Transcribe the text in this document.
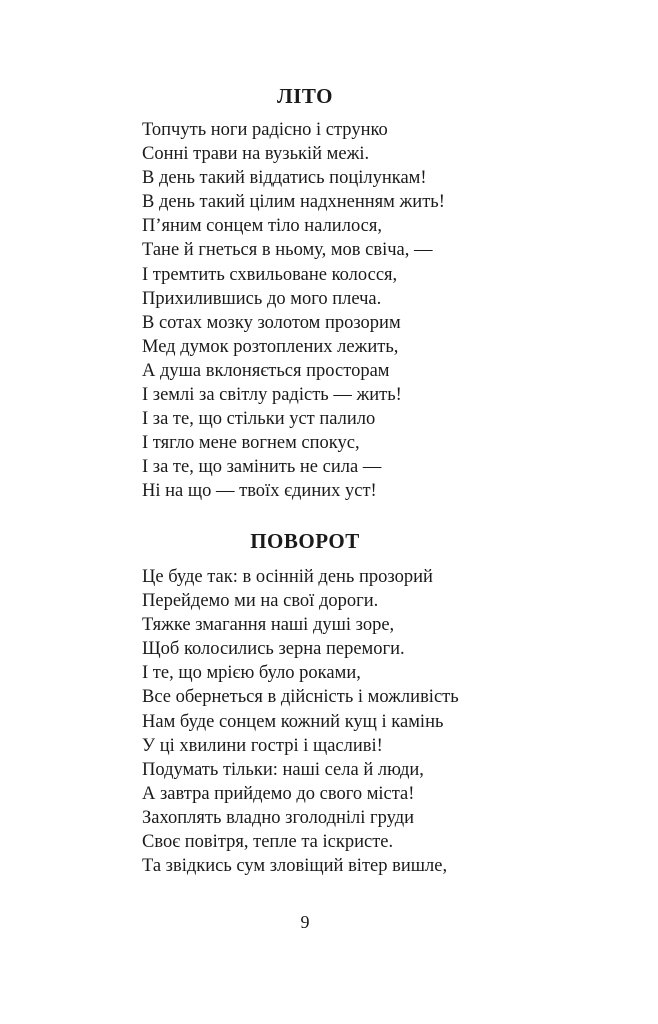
ЛІТО
Топчуть ноги радісно і струнко
Сонні трави на вузькій межі.
В день такий віддатись поцілункам!
В день такий цілим надхненням жить!
П’яним сонцем тіло налилося,
Тане й гнеться в ньому, мов свіча, —
І тремтить схвильоване колосся,
Прихилившись до мого плеча.
В сотах мозку золотом прозорим
Мед думок розтоплених лежить,
А душа вклоняється просторам
І землі за світлу радість — жить!
І за те, що стільки уст палило
І тягло мене вогнем спокус,
І за те, що замінить не сила —
Ні на що — твоїх єдиних уст!
ПОВОРОТ
Це буде так: в осінній день прозорий
Перейдемо ми на свої дороги.
Тяжке змагання наші душі зоре,
Щоб колосились зерна перемоги.
І те, що мрією було роками,
Все обернеться в дійсність і можливість
Нам буде сонцем кожний кущ і камінь
У ці хвилини гострі і щасливі!
Подумать тільки: наші села й люди,
А завтра прийдемо до свого міста!
Захоплять владно зголоднілі груди
Своє повітря, тепле та іскристе.
Та звідкись сум зловіщий вітер вишле,
9
